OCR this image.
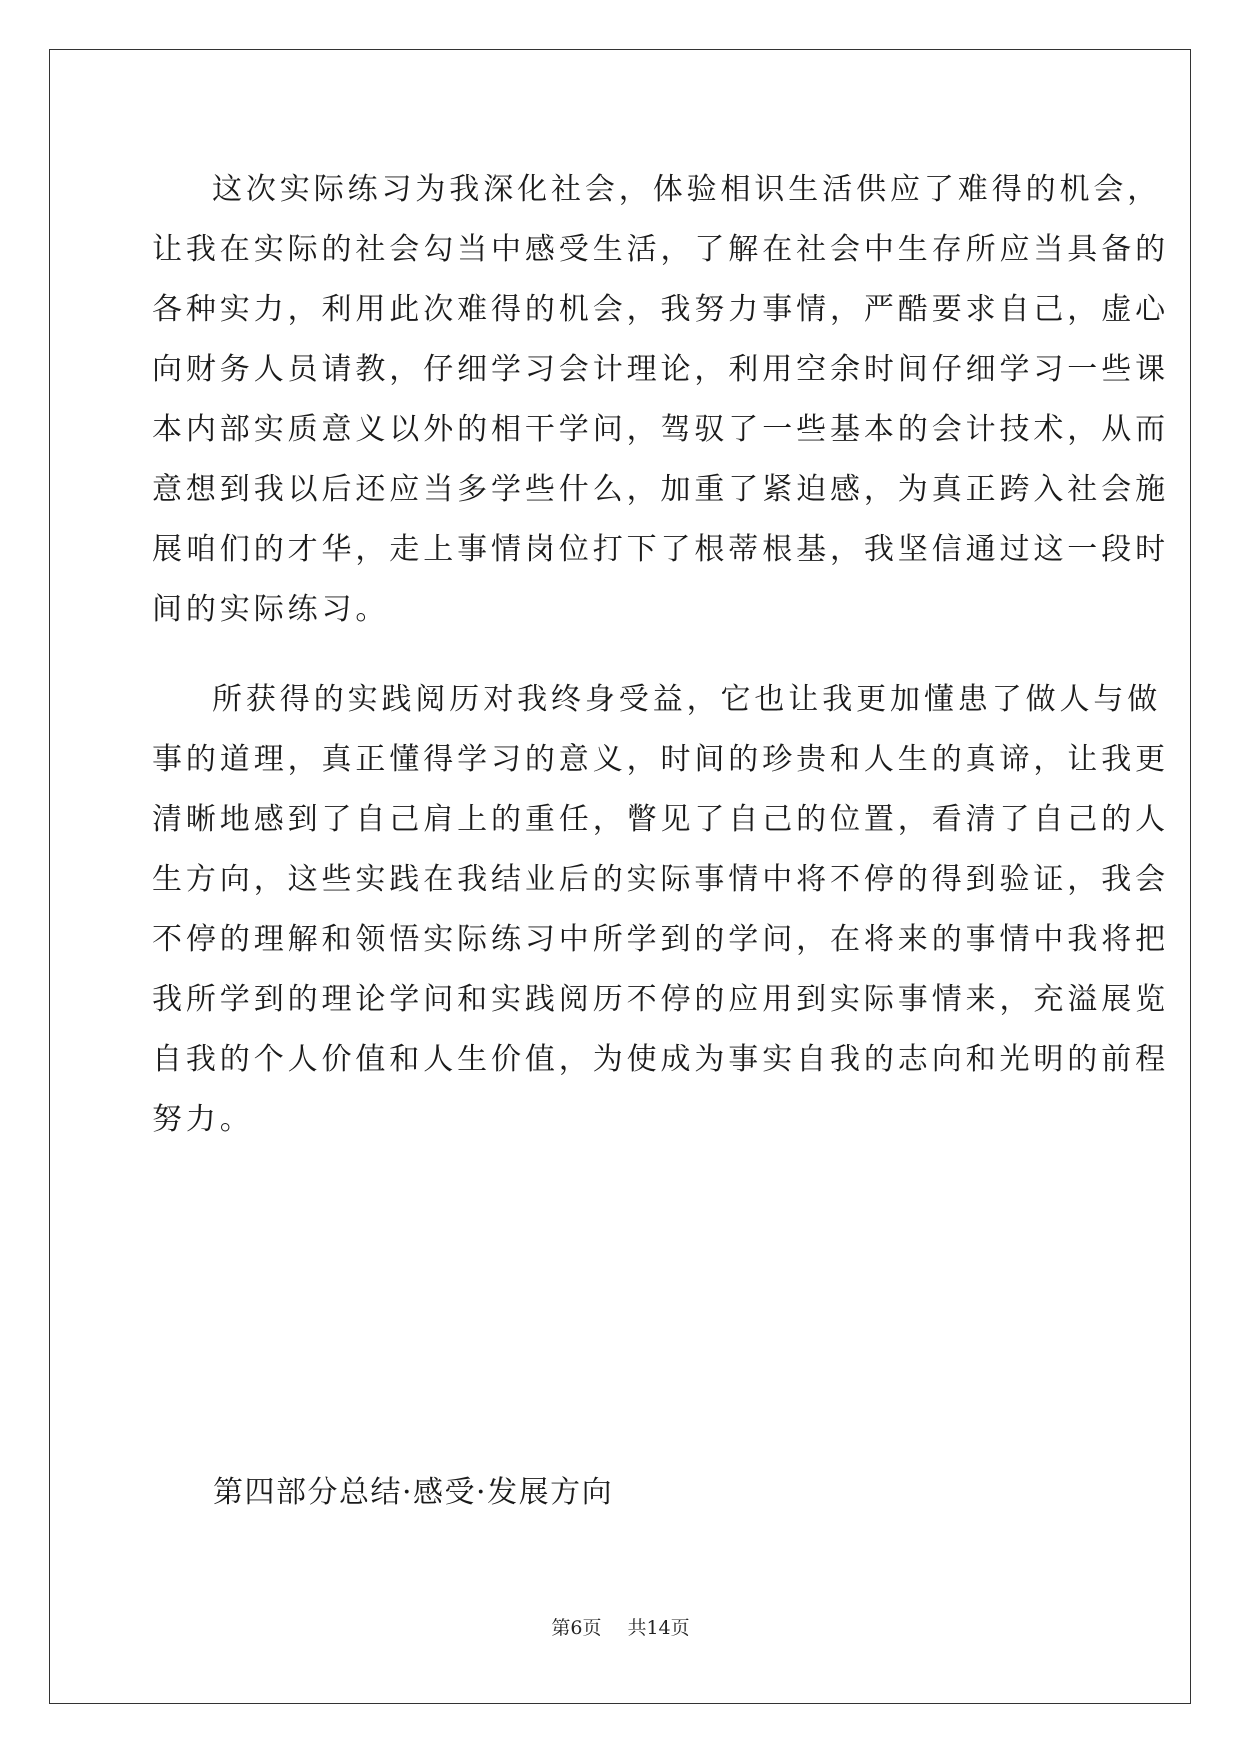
这次实际练习为我深化社会，体验相识生活供应了难得的机会，
让我在实际的社会勾当中感受生活，了解在社会中生存所应当具备的
各种实力，利用此次难得的机会，我努力事情，严酷要求自己，虚心
向财务人员请教，仔细学习会计理论，利用空余时间仔细学习一些课
本内部实质意义以外的相干学问，驾驭了一些基本的会计技术，从而
意想到我以后还应当多学些什么，加重了紧迫感，为真正跨入社会施
展咱们的才华，走上事情岗位打下了根蒂根基，我坚信通过这一段时
间的实际练习。
所获得的实践阅历对我终身受益，它也让我更加懂患了做人与做
事的道理，真正懂得学习的意义，时间的珍贵和人生的真谛，让我更
清晰地感到了自己肩上的重任，瞥见了自己的位置，看清了自己的人
生方向，这些实践在我结业后的实际事情中将不停的得到验证，我会
不停的理解和领悟实际练习中所学到的学问，在将来的事情中我将把
我所学到的理论学问和实践阅历不停的应用到实际事情来，充溢展览
自我的个人价值和人生价值，为使成为事实自我的志向和光明的前程
努力。
第四部分总结·感受·发展方向
第6页 共14页
